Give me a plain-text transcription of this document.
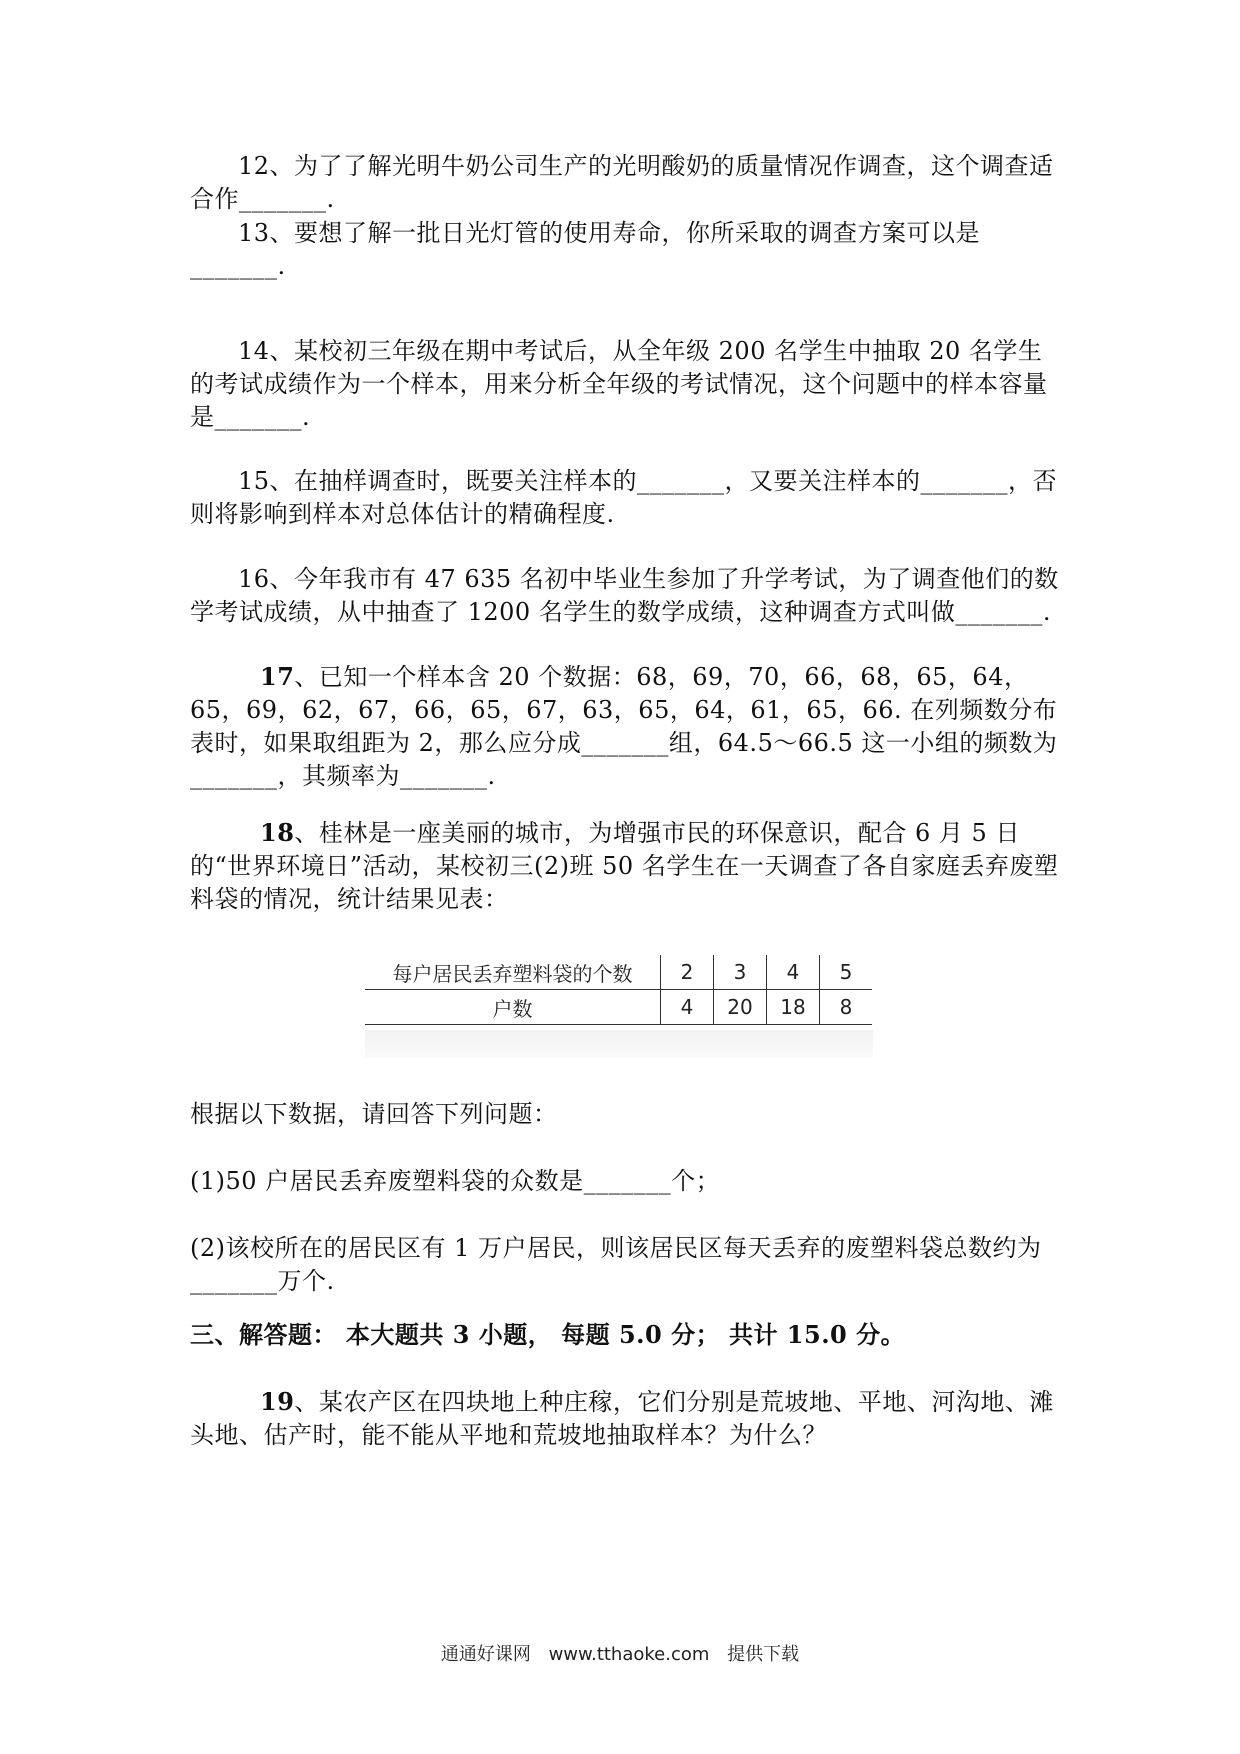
12、为了了解光明牛奶公司生产的光明酸奶的质量情况作调查，这个调查适合作_______.

13、要想了解一批日光灯管的使用寿命，你所采取的调查方案可以是_______.

14、某校初三年级在期中考试后，从全年级 200 名学生中抽取 20 名学生的考试成绩作为一个样本，用来分析全年级的考试情况，这个问题中的样本容量是_______.

15、在抽样调查时，既要关注样本的_______，又要关注样本的_______，否则将影响到样本对总体估计的精确程度.

16、今年我市有 47 635 名初中毕业生参加了升学考试，为了调查他们的数学考试成绩，从中抽查了 1200 名学生的数学成绩，这种调查方式叫做_______.

17、已知一个样本含 20 个数据：68，69，70，66，68，65，64，65，69，62，67，66，65，67，63，65，64，61，65，66. 在列频数分布表时，如果取组距为 2，那么应分成_______组，64.5～66.5 这一小组的频数为_______，其频率为_______.

18、桂林是一座美丽的城市，为增强市民的环保意识，配合 6 月 5 日的“世界环境日”活动，某校初三(2)班 50 名学生在一天调查了各自家庭丢弃废塑料袋的情况，统计结果见表：

每户居民丢弃塑料袋的个数	2	3	4	5
户数	4	20	18	8

根据以下数据，请回答下列问题：

(1)50 户居民丢弃废塑料袋的众数是_______个；

(2)该校所在的居民区有 1 万户居民，则该居民区每天丢弃的废塑料袋总数约为_______万个.

三、解答题： 本大题共 3 小题， 每题 5.0 分； 共计 15.0 分。

19、某农产区在四块地上种庄稼，它们分别是荒坡地、平地、河沟地、滩头地、估产时，能不能从平地和荒坡地抽取样本？为什么？

通通好课网 www.tthaoke.com 提供下载
